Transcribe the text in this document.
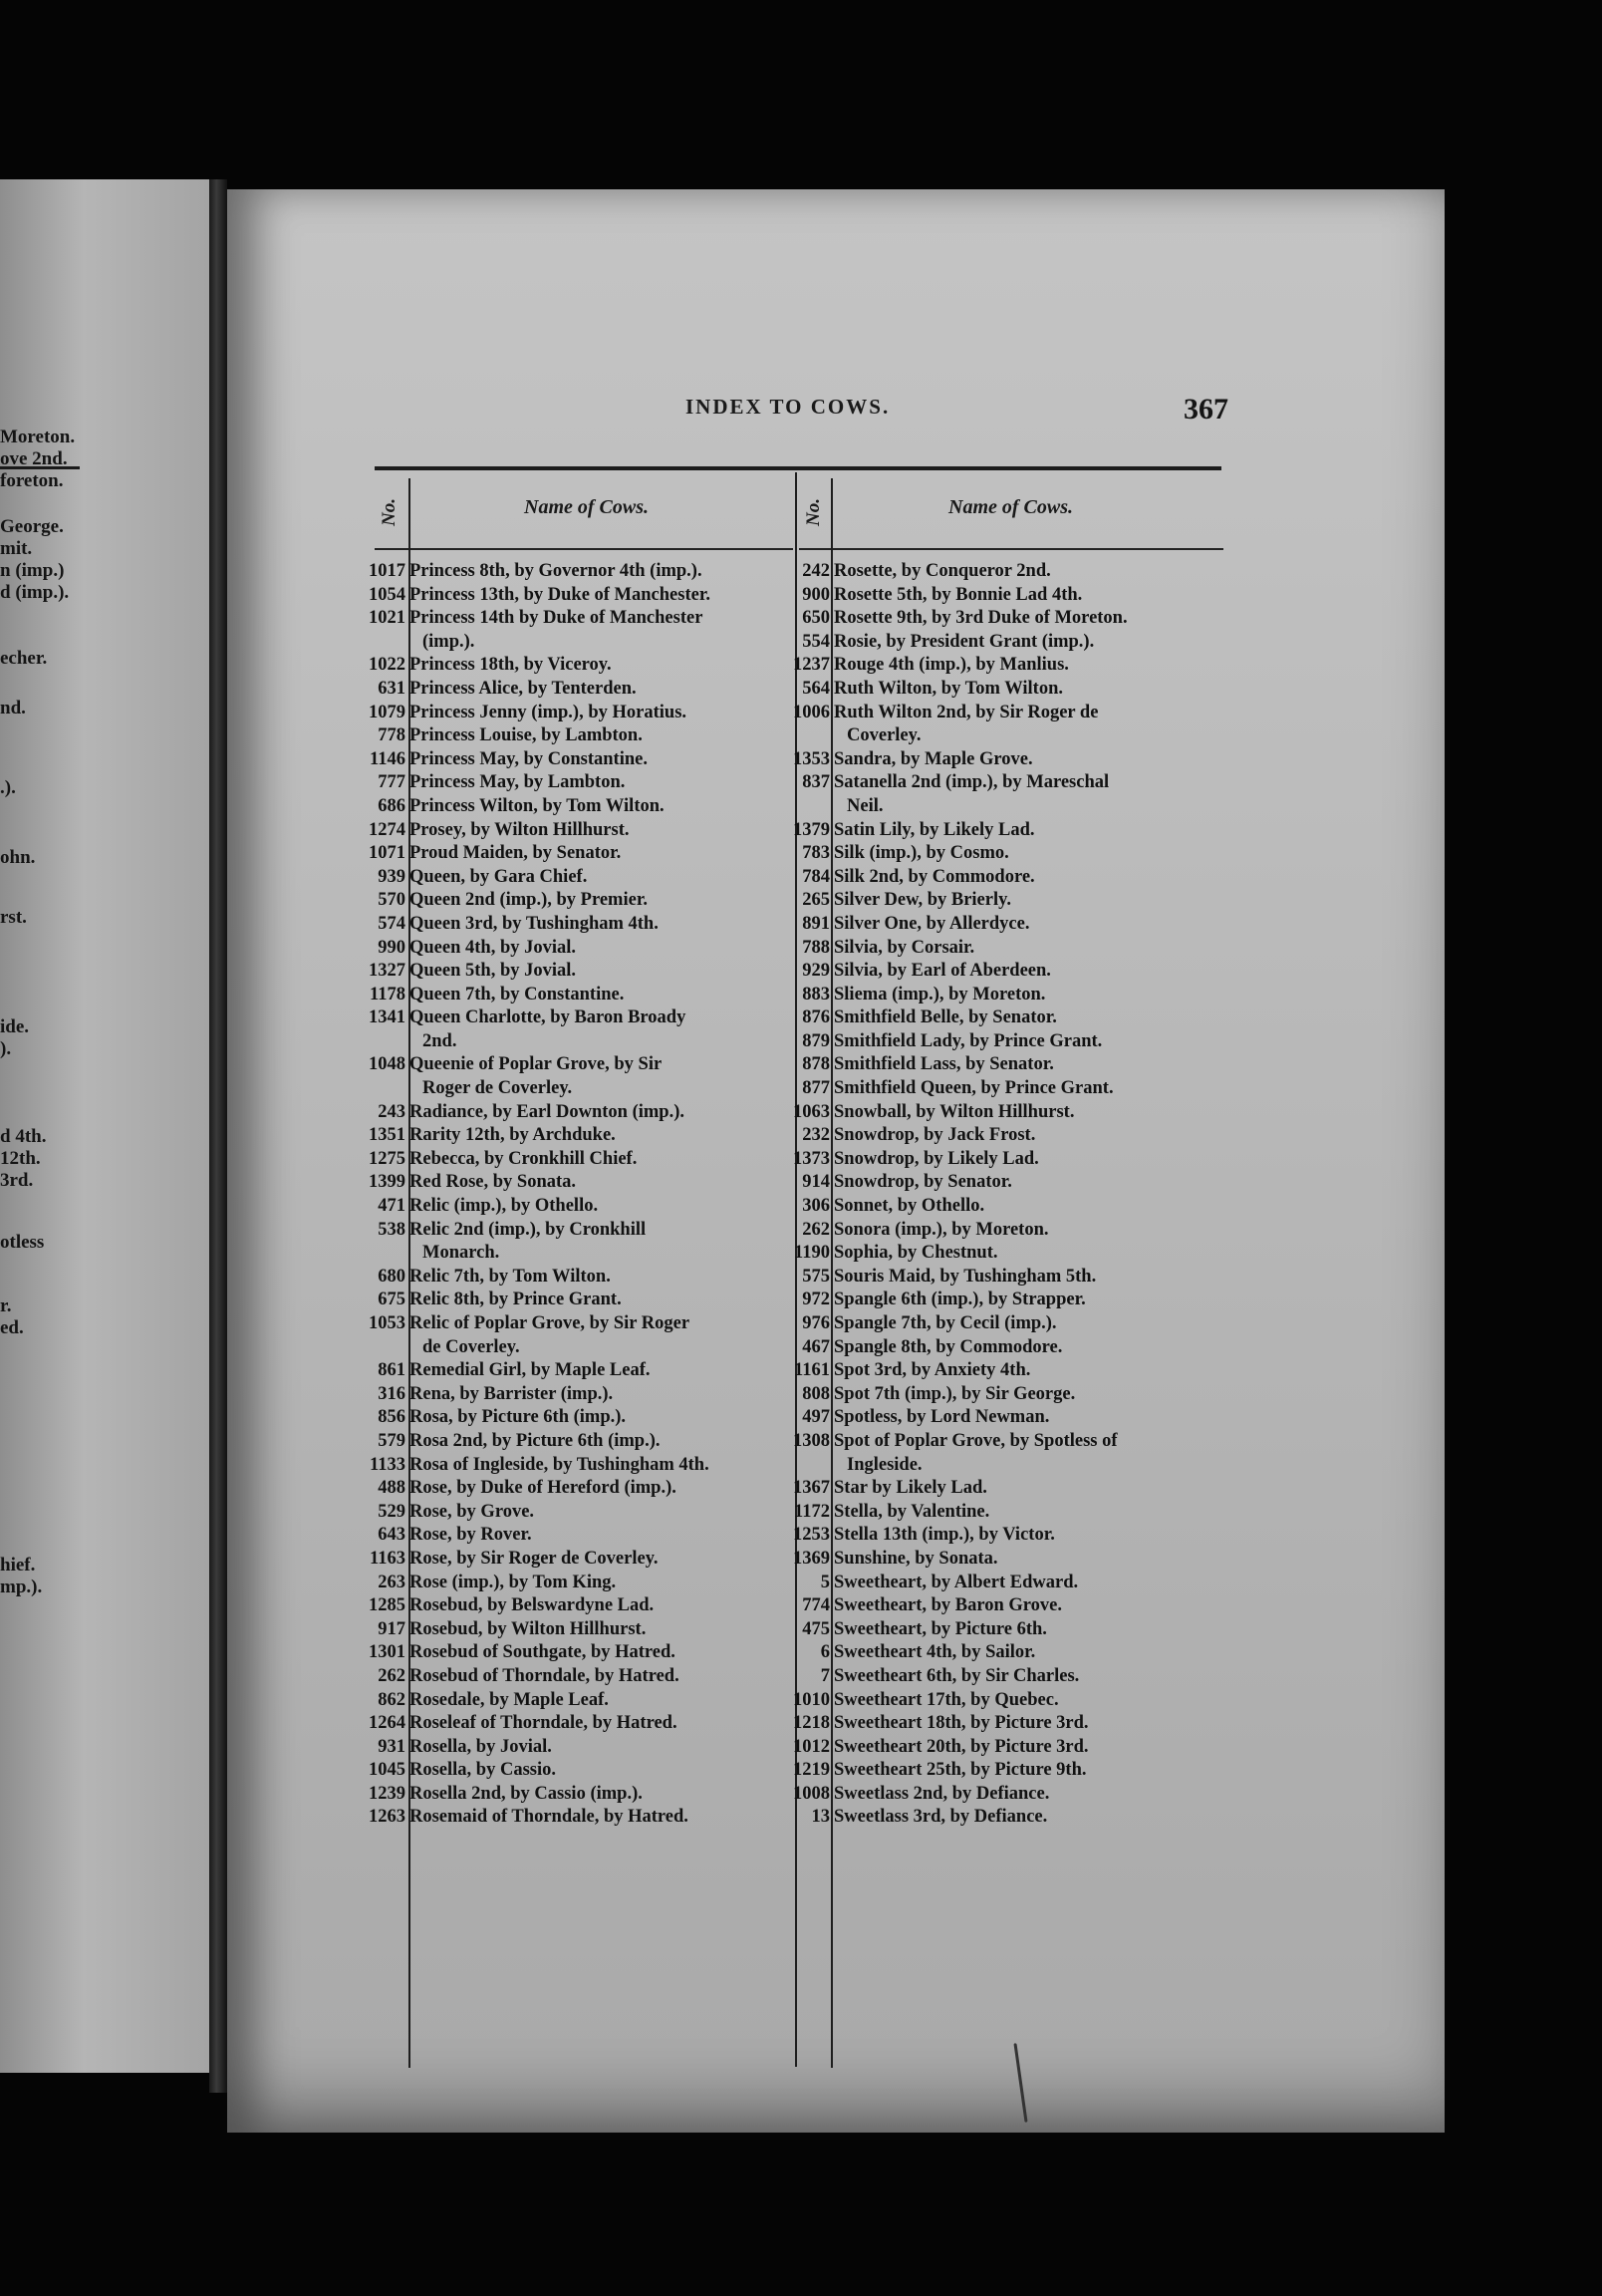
Moreton.
ove 2nd.
foreton.
George.
mit.
n (imp.)
d (imp.).
echer.
nd.
.).
ohn.
rst.
ide.
).
d 4th.
12th.
3rd.
otless
r.
ed.
hief.
mp.).
INDEX TO COWS.	367
No.	Name of Cows.	No.	Name of Cows.
1017 Princess 8th, by Governor 4th (imp.).
1054 Princess 13th, by Duke of Manchester.
1021 Princess 14th by Duke of Manchester
(imp.).
1022 Princess 18th, by Viceroy.
631 Princess Alice, by Tenterden.
1079 Princess Jenny (imp.), by Horatius.
778 Princess Louise, by Lambton.
1146 Princess May, by Constantine.
777 Princess May, by Lambton.
686 Princess Wilton, by Tom Wilton.
1274 Prosey, by Wilton Hillhurst.
1071 Proud Maiden, by Senator.
939 Queen, by Gara Chief.
570 Queen 2nd (imp.), by Premier.
574 Queen 3rd, by Tushingham 4th.
990 Queen 4th, by Jovial.
1327 Queen 5th, by Jovial.
1178 Queen 7th, by Constantine.
1341 Queen Charlotte, by Baron Broady
2nd.
1048 Queenie of Poplar Grove, by Sir
Roger de Coverley.
243 Radiance, by Earl Downton (imp.).
1351 Rarity 12th, by Archduke.
1275 Rebecca, by Cronkhill Chief.
1399 Red Rose, by Sonata.
471 Relic (imp.), by Othello.
538 Relic 2nd (imp.), by Cronkhill
Monarch.
680 Relic 7th, by Tom Wilton.
675 Relic 8th, by Prince Grant.
1053 Relic of Poplar Grove, by Sir Roger
de Coverley.
861 Remedial Girl, by Maple Leaf.
316 Rena, by Barrister (imp.).
856 Rosa, by Picture 6th (imp.).
579 Rosa 2nd, by Picture 6th (imp.).
1133 Rosa of Ingleside, by Tushingham 4th.
488 Rose, by Duke of Hereford (imp.).
529 Rose, by Grove.
643 Rose, by Rover.
1163 Rose, by Sir Roger de Coverley.
263 Rose (imp.), by Tom King.
1285 Rosebud, by Belswardyne Lad.
917 Rosebud, by Wilton Hillhurst.
1301 Rosebud of Southgate, by Hatred.
262 Rosebud of Thorndale, by Hatred.
862 Rosedale, by Maple Leaf.
1264 Roseleaf of Thorndale, by Hatred.
931 Rosella, by Jovial.
1045 Rosella, by Cassio.
1239 Rosella 2nd, by Cassio (imp.).
1263 Rosemaid of Thorndale, by Hatred.
242 Rosette, by Conqueror 2nd.
900 Rosette 5th, by Bonnie Lad 4th.
650 Rosette 9th, by 3rd Duke of Moreton.
554 Rosie, by President Grant (imp.).
1237 Rouge 4th (imp.), by Manlius.
564 Ruth Wilton, by Tom Wilton.
1006 Ruth Wilton 2nd, by Sir Roger de
Coverley.
1353 Sandra, by Maple Grove.
837 Satanella 2nd (imp.), by Mareschal
Neil.
1379 Satin Lily, by Likely Lad.
783 Silk (imp.), by Cosmo.
784 Silk 2nd, by Commodore.
265 Silver Dew, by Brierly.
891 Silver One, by Allerdyce.
788 Silvia, by Corsair.
929 Silvia, by Earl of Aberdeen.
883 Sliema (imp.), by Moreton.
876 Smithfield Belle, by Senator.
879 Smithfield Lady, by Prince Grant.
878 Smithfield Lass, by Senator.
877 Smithfield Queen, by Prince Grant.
1063 Snowball, by Wilton Hillhurst.
232 Snowdrop, by Jack Frost.
1373 Snowdrop, by Likely Lad.
914 Snowdrop, by Senator.
306 Sonnet, by Othello.
262 Sonora (imp.), by Moreton.
1190 Sophia, by Chestnut.
575 Souris Maid, by Tushingham 5th.
972 Spangle 6th (imp.), by Strapper.
976 Spangle 7th, by Cecil (imp.).
467 Spangle 8th, by Commodore.
1161 Spot 3rd, by Anxiety 4th.
808 Spot 7th (imp.), by Sir George.
497 Spotless, by Lord Newman.
1308 Spot of Poplar Grove, by Spotless of
Ingleside.
1367 Star by Likely Lad.
1172 Stella, by Valentine.
1253 Stella 13th (imp.), by Victor.
1369 Sunshine, by Sonata.
5 Sweetheart, by Albert Edward.
774 Sweetheart, by Baron Grove.
475 Sweetheart, by Picture 6th.
6 Sweetheart 4th, by Sailor.
7 Sweetheart 6th, by Sir Charles.
1010 Sweetheart 17th, by Quebec.
1218 Sweetheart 18th, by Picture 3rd.
1012 Sweetheart 20th, by Picture 3rd.
1219 Sweetheart 25th, by Picture 9th.
1008 Sweetlass 2nd, by Defiance.
13 Sweetlass 3rd, by Defiance.
